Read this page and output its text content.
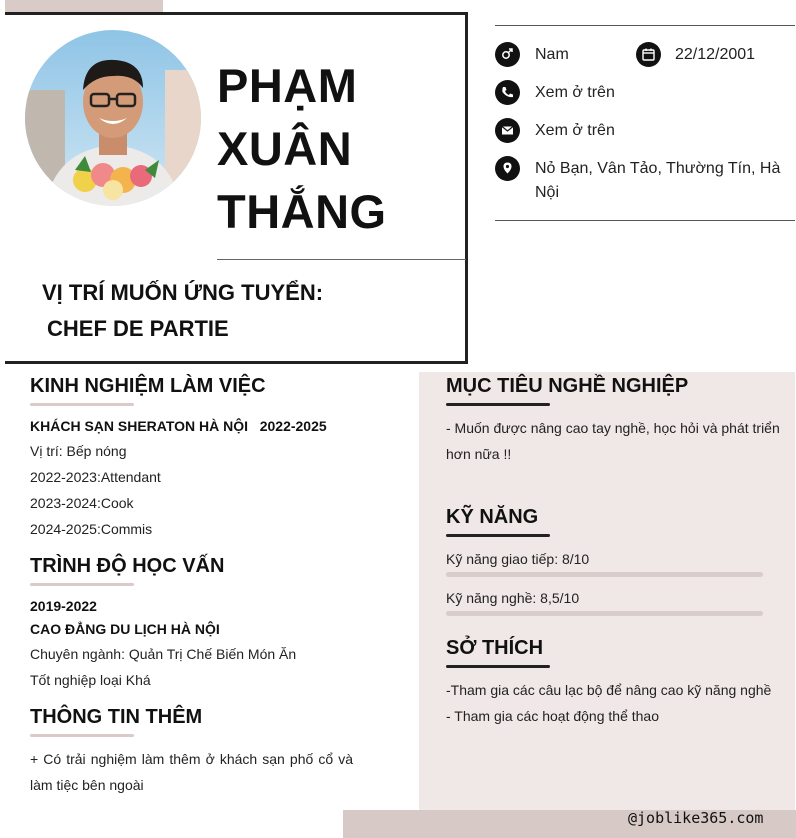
PHẠM
XUÂN
THẮNG
VỊ TRÍ MUỐN ỨNG TUYỂN:
CHEF DE PARTIE
Nam	22/12/2001
Xem ở trên
Xem ở trên
Nỏ Bạn, Vân Tảo, Thường Tín, Hà Nội
KINH NGHIỆM LÀM VIỆC
KHÁCH SẠN SHERATON HÀ NỘI 2022-2025
Vị trí: Bếp nóng
2022-2023:Attendant
2023-2024:Cook
2024-2025:Commis
TRÌNH ĐỘ HỌC VẤN
2019-2022
CAO ĐẲNG DU LỊCH HÀ NỘI
Chuyên ngành: Quản Trị Chế Biến Món Ăn
Tốt nghiệp loại Khá
THÔNG TIN THÊM
+ Có trải nghiệm làm thêm ở khách sạn phố cổ và làm tiệc bên ngoài
MỤC TIÊU NGHỀ NGHIỆP
- Muốn được nâng cao tay nghề, học hỏi và phát triển hơn nữa !!
KỸ NĂNG
Kỹ năng giao tiếp: 8/10
Kỹ năng nghề: 8,5/10
SỞ THÍCH
-Tham gia các câu lạc bộ để nâng cao kỹ năng nghề
- Tham gia các hoạt động thể thao
@joblike365.com
